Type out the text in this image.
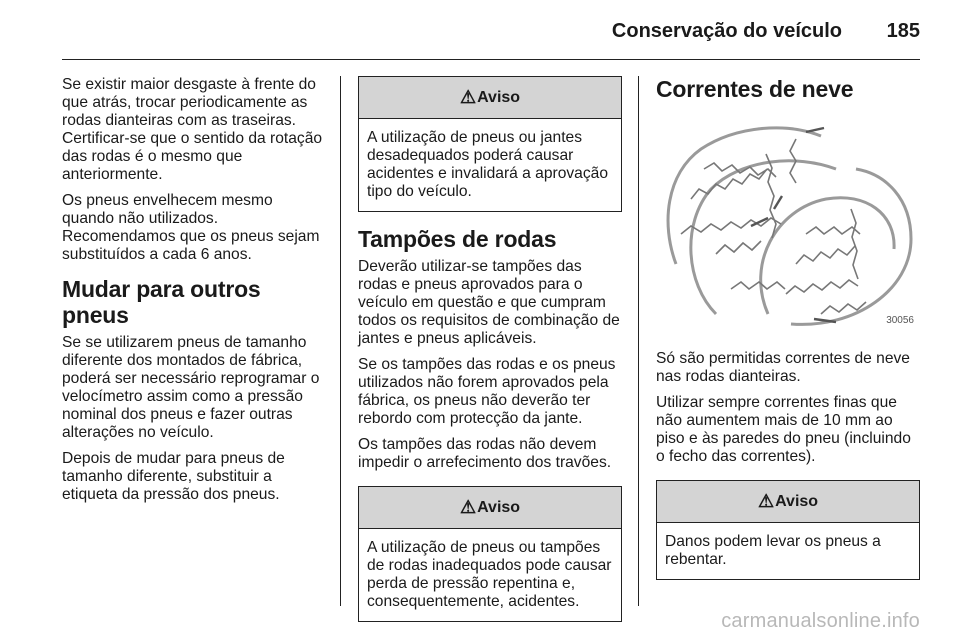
Conservação do veículo 185

Se existir maior desgaste à frente do que atrás, trocar periodicamente as rodas dianteiras com as traseiras. Certificar-se que o sentido da rotação das rodas é o mesmo que anteriormente.

Os pneus envelhecem mesmo quando não utilizados. Recomendamos que os pneus sejam substituídos a cada 6 anos.

Mudar para outros pneus

Se se utilizarem pneus de tamanho diferente dos montados de fábrica, poderá ser necessário reprogramar o velocímetro assim como a pressão nominal dos pneus e fazer outras alterações no veículo.

Depois de mudar para pneus de tamanho diferente, substituir a etiqueta da pressão dos pneus.

⚠ Aviso

A utilização de pneus ou jantes desadequados poderá causar acidentes e invalidará a aprovação tipo do veículo.

Tampões de rodas

Deverão utilizar-se tampões das rodas e pneus aprovados para o veículo em questão e que cumpram todos os requisitos de combinação de jantes e pneus aplicáveis.

Se os tampões das rodas e os pneus utilizados não forem aprovados pela fábrica, os pneus não deverão ter rebordo com protecção da jante.

Os tampões das rodas não devem impedir o arrefecimento dos travões.

⚠ Aviso

A utilização de pneus ou tampões de rodas inadequados pode causar perda de pressão repentina e, consequentemente, acidentes.

Correntes de neve
30056

Só são permitidas correntes de neve nas rodas dianteiras.

Utilizar sempre correntes finas que não aumentem mais de 10 mm ao piso e às paredes do pneu (incluindo o fecho das correntes).

⚠ Aviso

Danos podem levar os pneus a rebentar.

carmanualsonline.info
